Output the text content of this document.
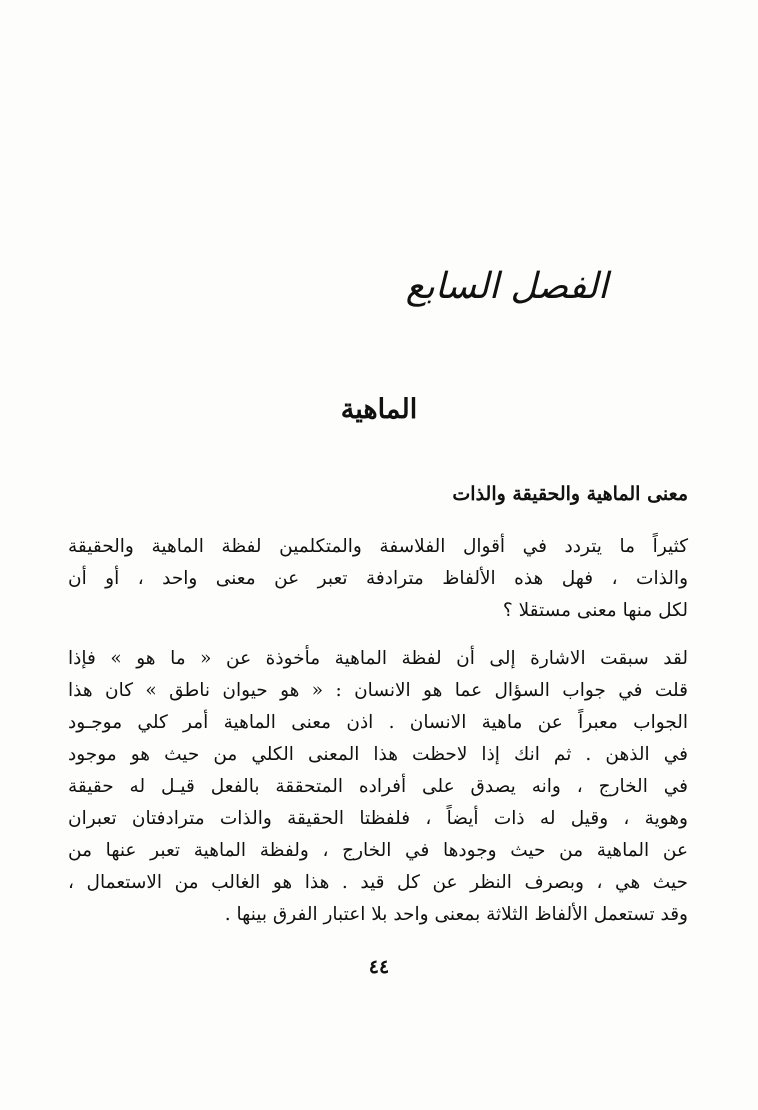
الفصل السابع
الماهية
معنى الماهية والحقيقة والذات

كثيراً ما يتردد في أقوال الفلاسفة والمتكلمين لفظة الماهية والحقيقة
والذات ، فهل هذه الألفاظ مترادفة تعبر عن معنى واحد ، أو أن
لكل منها معنى مستقلا ؟

لقد سبقت الاشارة إلى أن لفظة الماهية مأخوذة عن « ما هو » فإذا
قلت في جواب السؤال عما هو الانسان : « هو حيوان ناطق » كان هذا
الجواب معبراً عن ماهية الانسان . اذن معنى الماهية أمر كلي موجـود
في الذهن . ثم انك إذا لاحظت هذا المعنى الكلي من حيث هو موجود
في الخارج ، وانه يصدق على أفراده المتحققة بالفعل قيـل له حقيقة
وهوية ، وقيل له ذات أيضاً ، فلفظتا الحقيقة والذات مترادفتان تعبران
عن الماهية من حيث وجودها في الخارج ، ولفظة الماهية تعبر عنها من
حيث هي ، وبصرف النظر عن كل قيد . هذا هو الغالب من الاستعمال ،
وقد تستعمل الألفاظ الثلاثة بمعنى واحد بلا اعتبار الفرق بينها .

٤٤
